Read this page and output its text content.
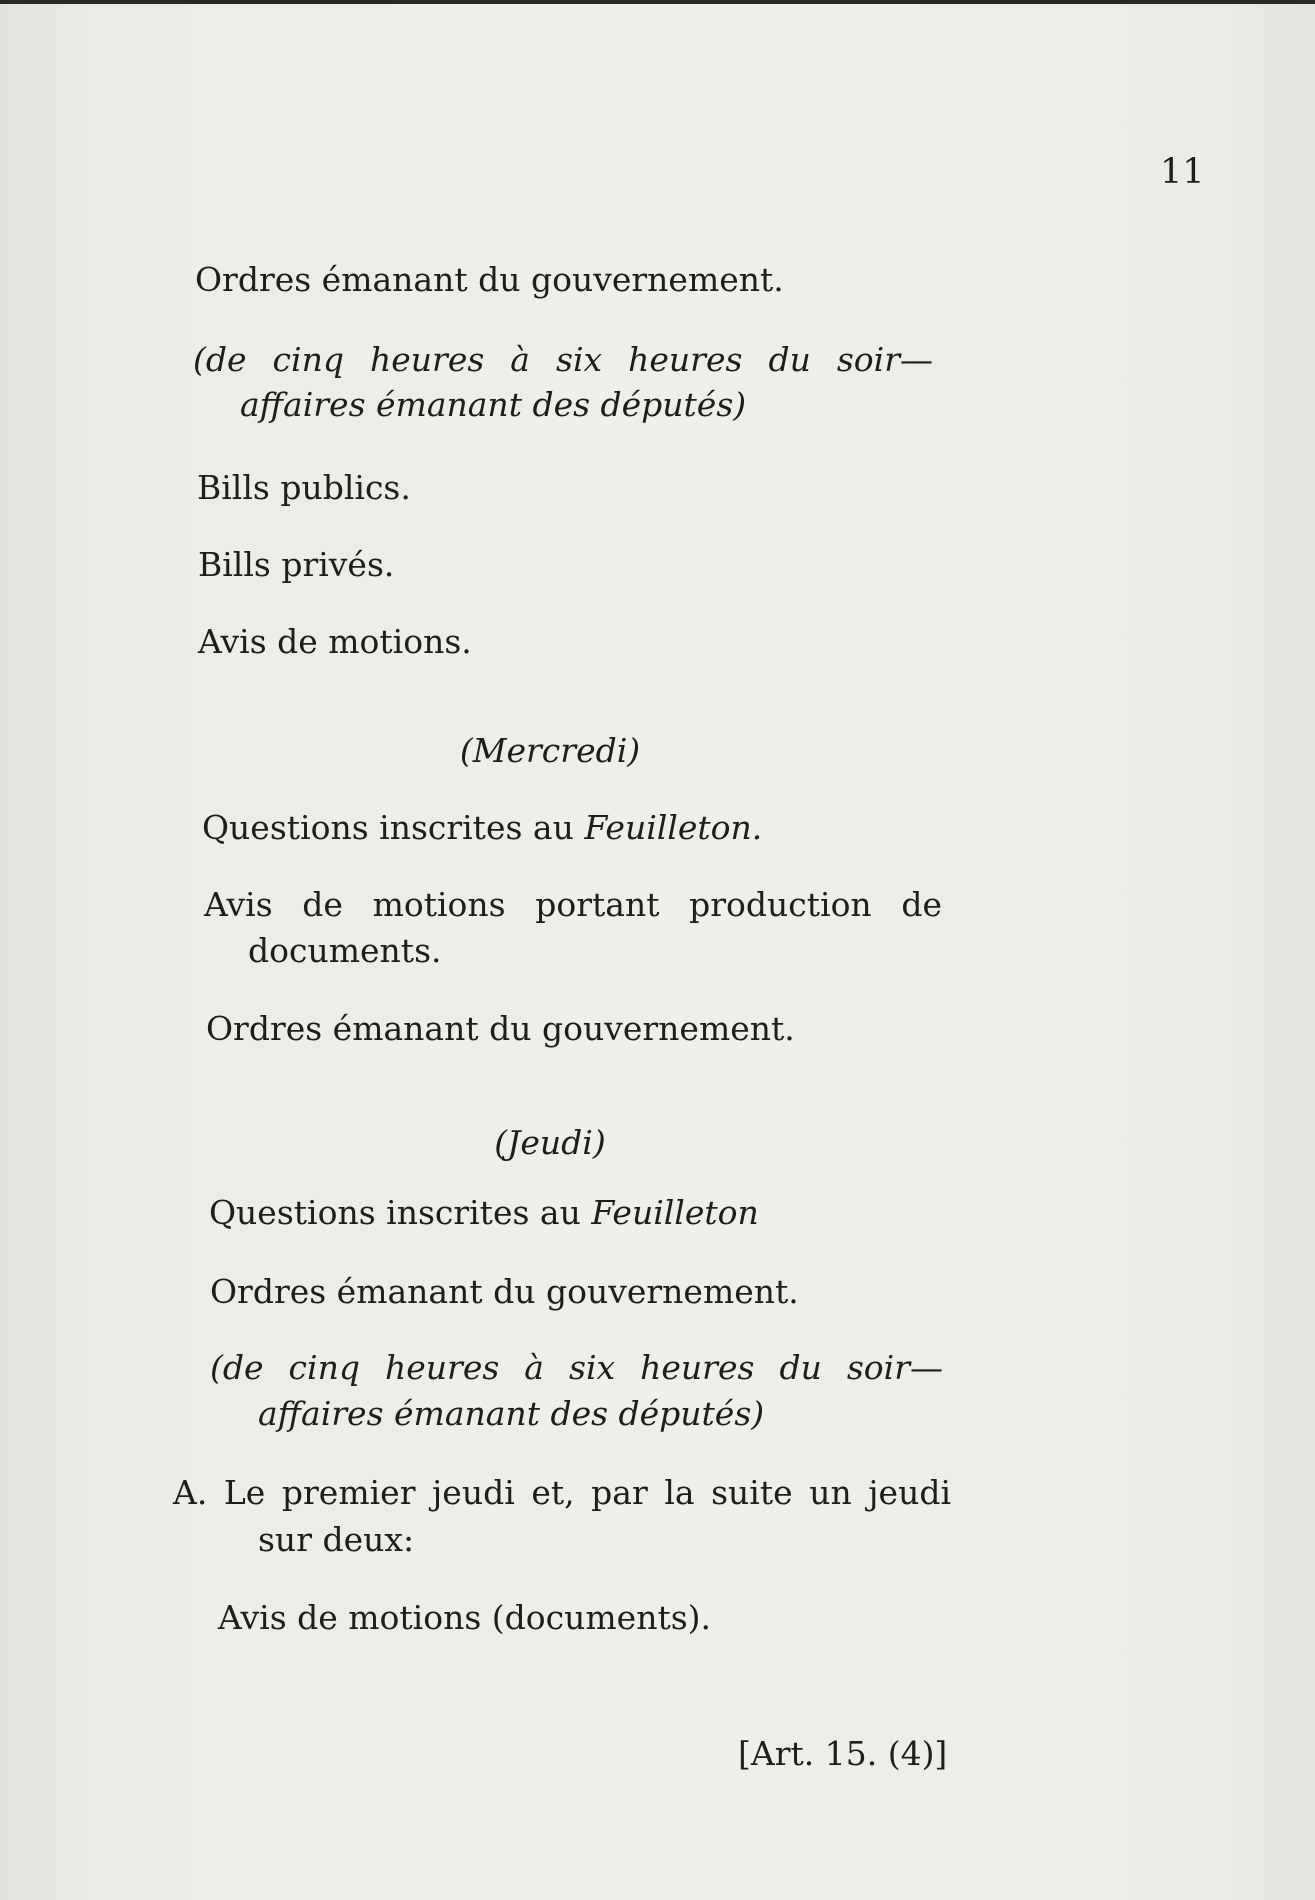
11
Ordres émanant du gouvernement.
(de cinq heures à six heures du soir—
affaires émanant des députés)
Bills publics.
Bills privés.
Avis de motions.
(Mercredi)
Questions inscrites au Feuilleton.
Avis de motions portant production de
documents.
Ordres émanant du gouvernement.
(Jeudi)
Questions inscrites au Feuilleton
Ordres émanant du gouvernement.
(de cinq heures à six heures du soir—
affaires émanant des députés)
A. Le premier jeudi et, par la suite un jeudi
sur deux:
Avis de motions (documents).
[Art. 15. (4)]
